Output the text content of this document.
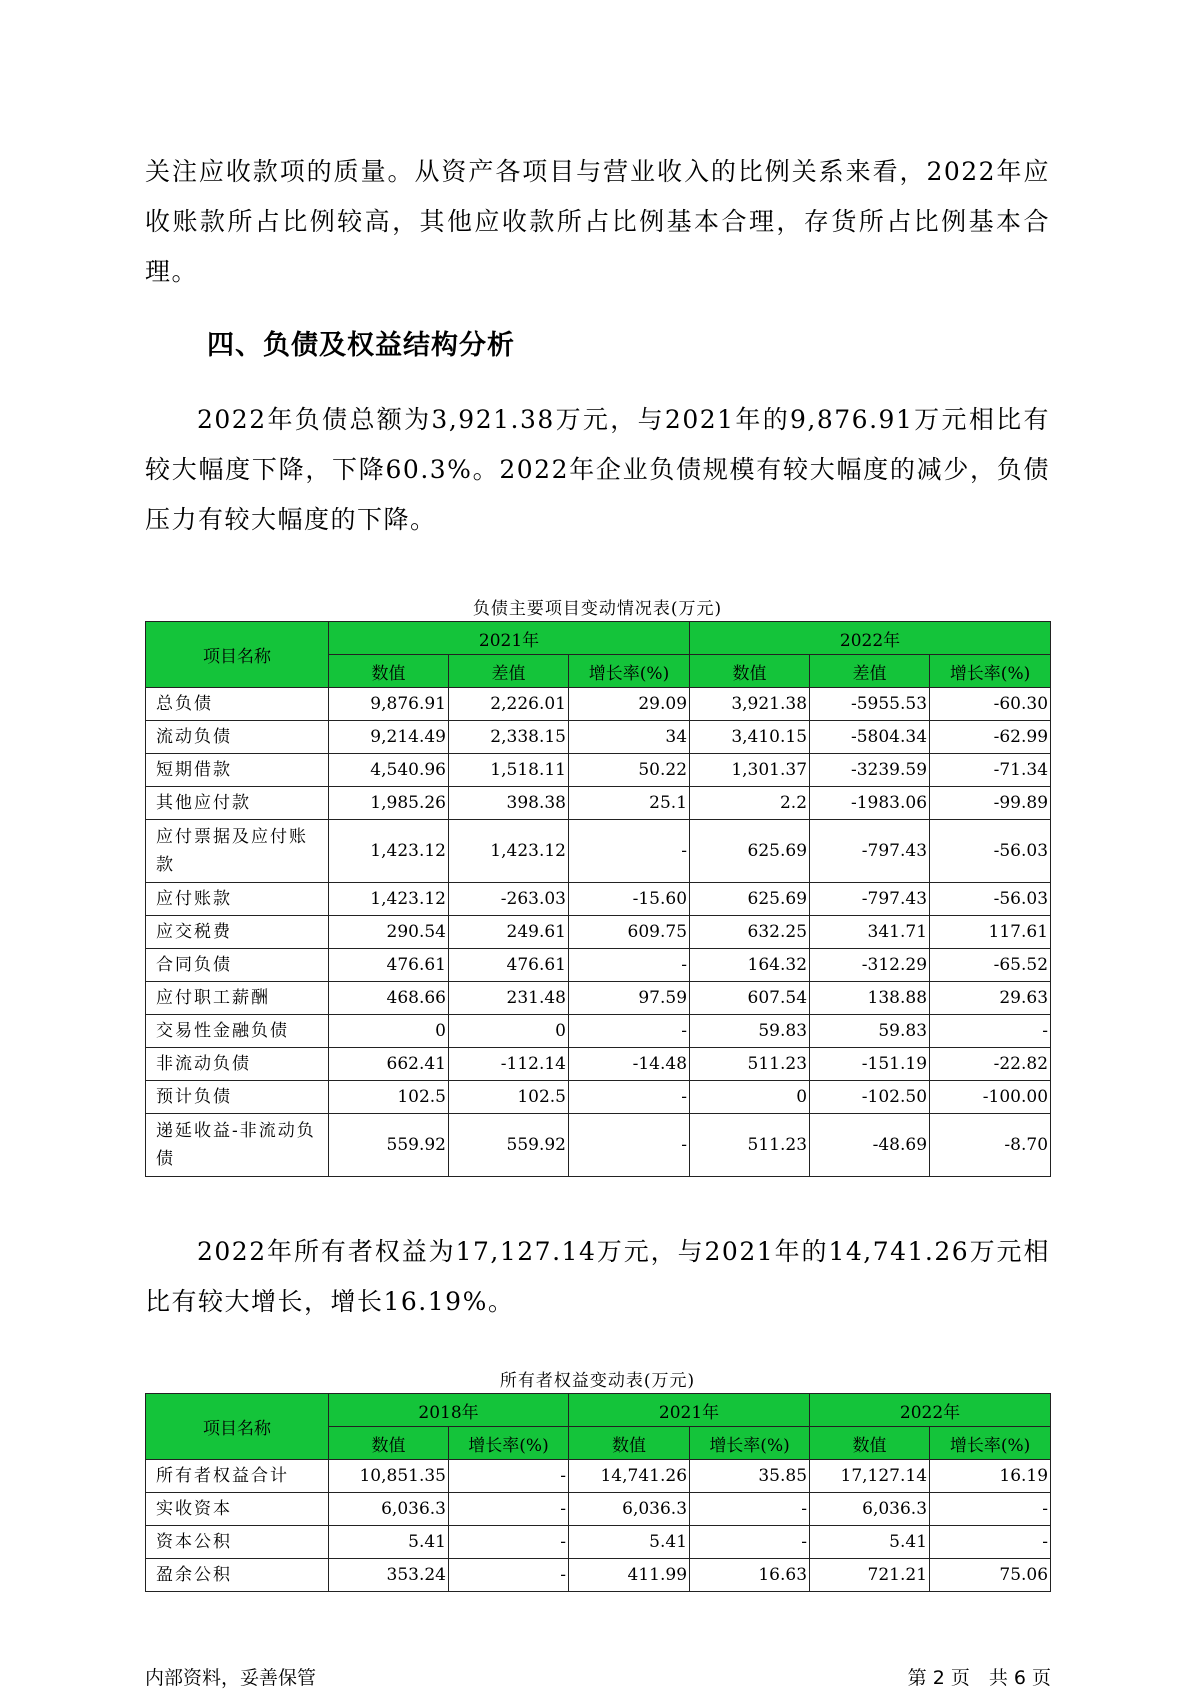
关注应收款项的质量。从资产各项目与营业收入的比例关系来看，2022年应收账款所占比例较高，其他应收款所占比例基本合理，存货所占比例基本合理。

四、负债及权益结构分析

2022年负债总额为3,921.38万元，与2021年的9,876.91万元相比有较大幅度下降，下降60.3%。2022年企业负债规模有较大幅度的减少，负债压力有较大幅度的下降。

负债主要项目变动情况表(万元)
项目名称	2021年			2022年		
	数值	差值	增长率(%)	数值	差值	增长率(%)
总负债	9,876.91	2,226.01	29.09	3,921.38	-5955.53	-60.30
流动负债	9,214.49	2,338.15	34	3,410.15	-5804.34	-62.99
短期借款	4,540.96	1,518.11	50.22	1,301.37	-3239.59	-71.34
其他应付款	1,985.26	398.38	25.1	2.2	-1983.06	-99.89
应付票据及应付账款	1,423.12	1,423.12	-	625.69	-797.43	-56.03
应付账款	1,423.12	-263.03	-15.60	625.69	-797.43	-56.03
应交税费	290.54	249.61	609.75	632.25	341.71	117.61
合同负债	476.61	476.61	-	164.32	-312.29	-65.52
应付职工薪酬	468.66	231.48	97.59	607.54	138.88	29.63
交易性金融负债	0	0	-	59.83	59.83	-
非流动负债	662.41	-112.14	-14.48	511.23	-151.19	-22.82
预计负债	102.5	102.5	-	0	-102.50	-100.00
递延收益-非流动负债	559.92	559.92	-	511.23	-48.69	-8.70

2022年所有者权益为17,127.14万元，与2021年的14,741.26万元相比有较大增长，增长16.19%。

所有者权益变动表(万元)
项目名称	2018年		2021年		2022年	
	数值	增长率(%)	数值	增长率(%)	数值	增长率(%)
所有者权益合计	10,851.35	-	14,741.26	35.85	17,127.14	16.19
实收资本	6,036.3	-	6,036.3	-	6,036.3	-
资本公积	5.41	-	5.41	-	5.41	-
盈余公积	353.24	-	411.99	16.63	721.21	75.06
内部资料，妥善保管	第 2 页　共 6 页
